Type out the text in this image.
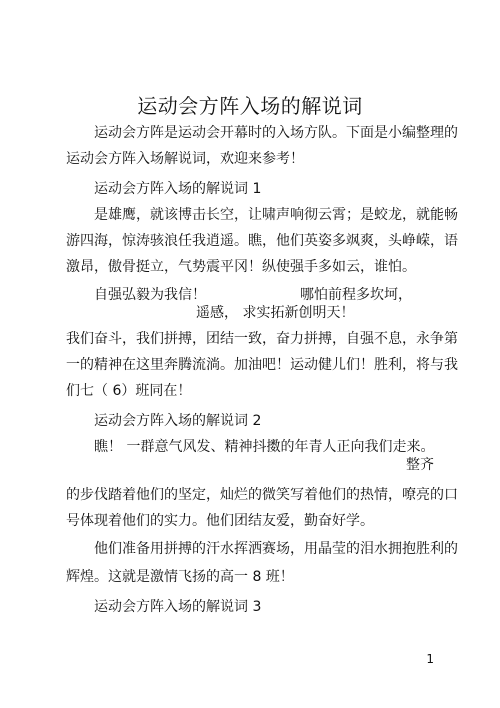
运动会方阵入场的解说词
运动会方阵是运动会开幕时的入场方队。下面是小编整理的
运动会方阵入场解说词，欢迎来参考！
运动会方阵入场的解说词 1
是雄鹰，就该博击长空，让啸声响彻云霄；是蛟龙，就能畅
游四海，惊涛骇浪任我逍遥。瞧，他们英姿多飒爽，头峥嵘，语
激昂，傲骨挺立，气势震平冈！纵使强手多如云，谁怕。
自强弘毅为我信！	哪怕前程多坎坷，
遥感， 求实拓新创明天！
我们奋斗，我们拼搏，团结一致，奋力拼搏，自强不息，永争第
一的精神在这里奔腾流淌。加油吧！运动健儿们！胜利，将与我
们七（ 6）班同在！
运动会方阵入场的解说词 2
瞧！ 一群意气风发、精神抖擞的年青人正向我们走来。
整齐
的步伐踏着他们的坚定，灿烂的微笑写着他们的热情，嘹亮的口
号体现着他们的实力。他们团结友爱，勤奋好学。
他们准备用拼搏的汗水挥洒赛场，用晶莹的泪水拥抱胜利的
辉煌。这就是激情飞扬的高一 8 班！
运动会方阵入场的解说词 3
1
